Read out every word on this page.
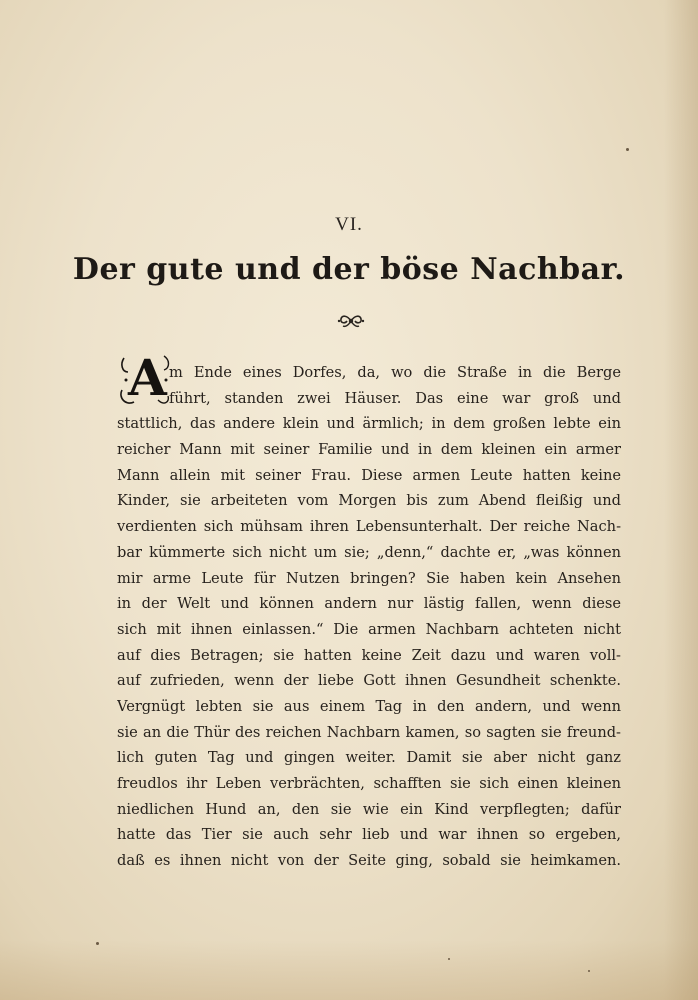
VI.
Der gute und der böse Nachbar.
A m Ende eines Dorfes, da, wo die Straße in die Berge
führt, standen zwei Häuser. Das eine war groß und
stattlich, das andere klein und ärmlich; in dem großen lebte ein
reicher Mann mit seiner Familie und in dem kleinen ein armer
Mann allein mit seiner Frau. Diese armen Leute hatten keine
Kinder, sie arbeiteten vom Morgen bis zum Abend fleißig und
verdienten sich mühsam ihren Lebensunterhalt. Der reiche Nach-
bar kümmerte sich nicht um sie; „denn,“ dachte er, „was können
mir arme Leute für Nutzen bringen? Sie haben kein Ansehen
in der Welt und können andern nur lästig fallen, wenn diese
sich mit ihnen einlassen.“ Die armen Nachbarn achteten nicht
auf dies Betragen; sie hatten keine Zeit dazu und waren voll-
auf zufrieden, wenn der liebe Gott ihnen Gesundheit schenkte.
Vergnügt lebten sie aus einem Tag in den andern, und wenn
sie an die Thür des reichen Nachbarn kamen, so sagten sie freund-
lich guten Tag und gingen weiter. Damit sie aber nicht ganz
freudlos ihr Leben verbrächten, schafften sie sich einen kleinen
niedlichen Hund an, den sie wie ein Kind verpflegten; dafür
hatte das Tier sie auch sehr lieb und war ihnen so ergeben,
daß es ihnen nicht von der Seite ging, sobald sie heimkamen.
